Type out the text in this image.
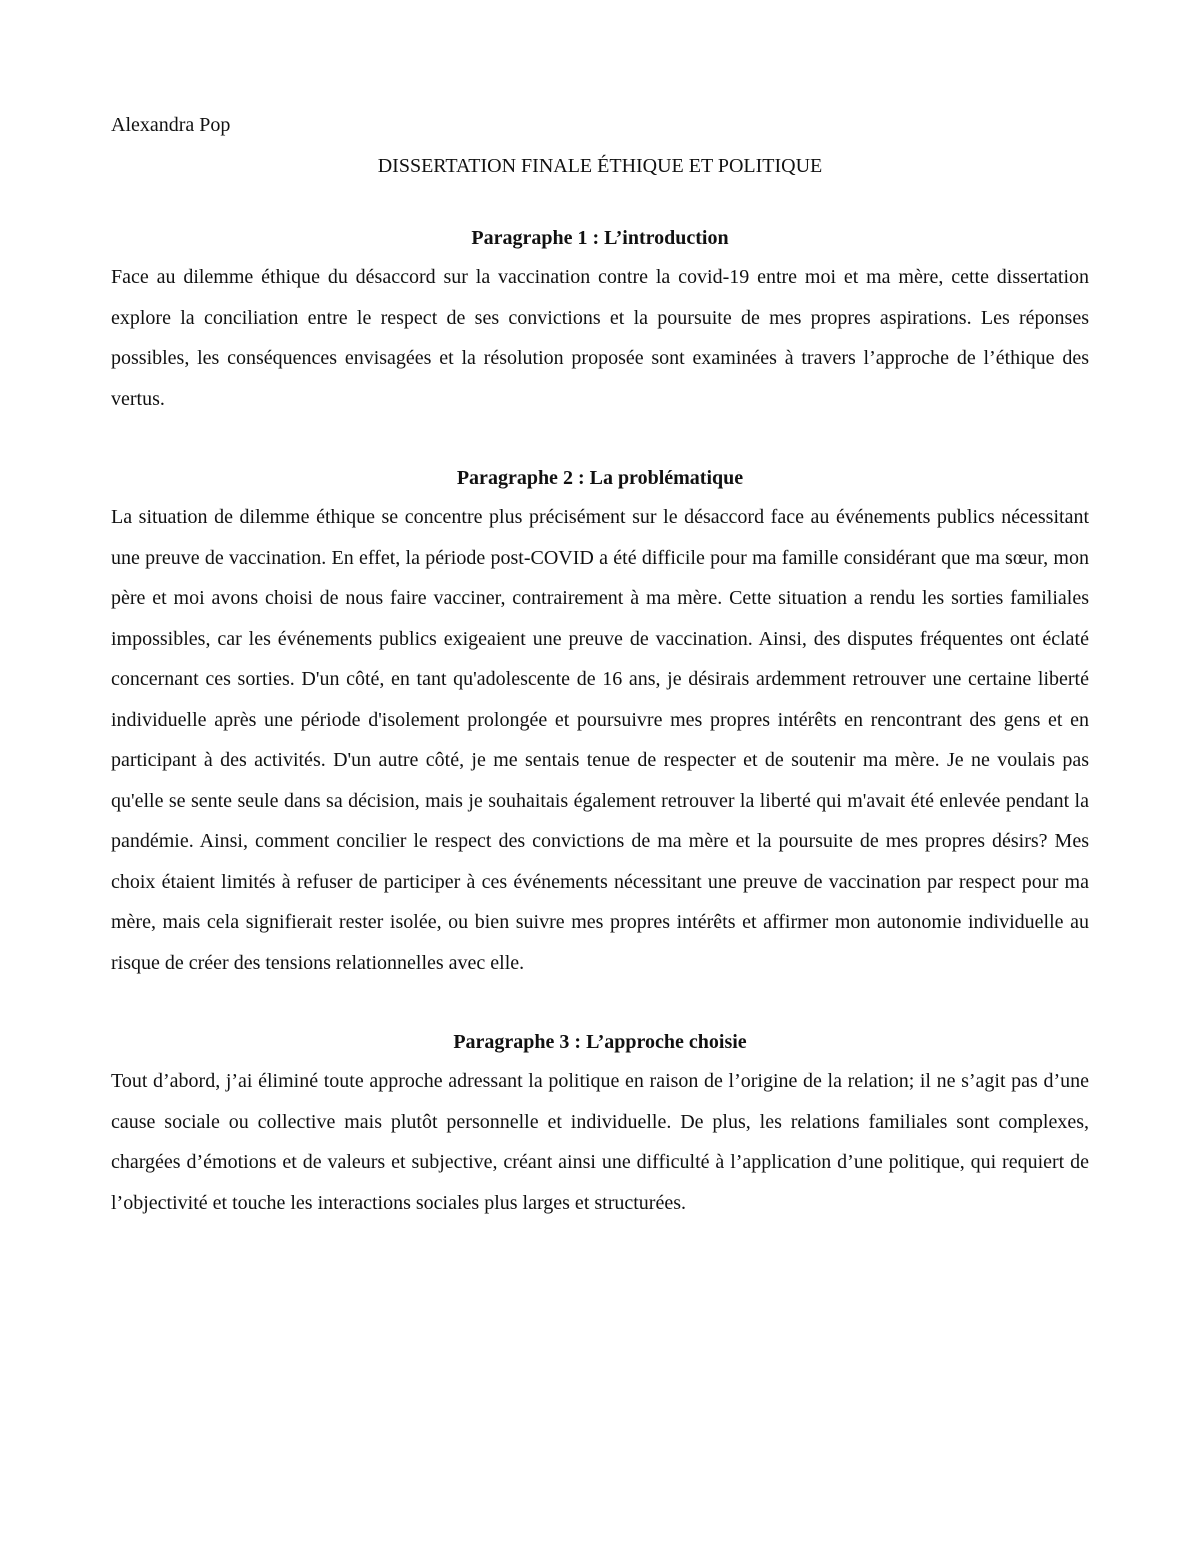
Alexandra Pop

DISSERTATION FINALE ÉTHIQUE ET POLITIQUE

Paragraphe 1 : L’introduction

Face au dilemme éthique du désaccord sur la vaccination contre la covid-19 entre moi et ma mère, cette dissertation explore la conciliation entre le respect de ses convictions et la poursuite de mes propres aspirations. Les réponses possibles, les conséquences envisagées et la résolution proposée sont examinées à travers l’approche de l’éthique des vertus.

Paragraphe 2 : La problématique

La situation de dilemme éthique se concentre plus précisément sur le désaccord face au événements publics nécessitant une preuve de vaccination. En effet, la période post-COVID a été difficile pour ma famille considérant que ma sœur, mon père et moi avons choisi de nous faire vacciner, contrairement à ma mère. Cette situation a rendu les sorties familiales impossibles, car les événements publics exigeaient une preuve de vaccination. Ainsi, des disputes fréquentes ont éclaté concernant ces sorties. D'un côté, en tant qu'adolescente de 16 ans, je désirais ardemment retrouver une certaine liberté individuelle après une période d'isolement prolongée et poursuivre mes propres intérêts en rencontrant des gens et en participant à des activités. D'un autre côté, je me sentais tenue de respecter et de soutenir ma mère. Je ne voulais pas qu'elle se sente seule dans sa décision, mais je souhaitais également retrouver la liberté qui m'avait été enlevée pendant la pandémie. Ainsi, comment concilier le respect des convictions de ma mère et la poursuite de mes propres désirs? Mes choix étaient limités à refuser de participer à ces événements nécessitant une preuve de vaccination par respect pour ma mère, mais cela signifierait rester isolée, ou bien suivre mes propres intérêts et affirmer mon autonomie individuelle au risque de créer des tensions relationnelles avec elle.

Paragraphe 3 : L’approche choisie

Tout d’abord, j’ai éliminé toute approche adressant la politique en raison de l’origine de la relation; il ne s’agit pas d’une cause sociale ou collective mais plutôt personnelle et individuelle. De plus, les relations familiales sont complexes, chargées d’émotions et de valeurs et subjective, créant ainsi une difficulté à l’application d’une politique, qui requiert de l’objectivité et touche les interactions sociales plus larges et structurées.
